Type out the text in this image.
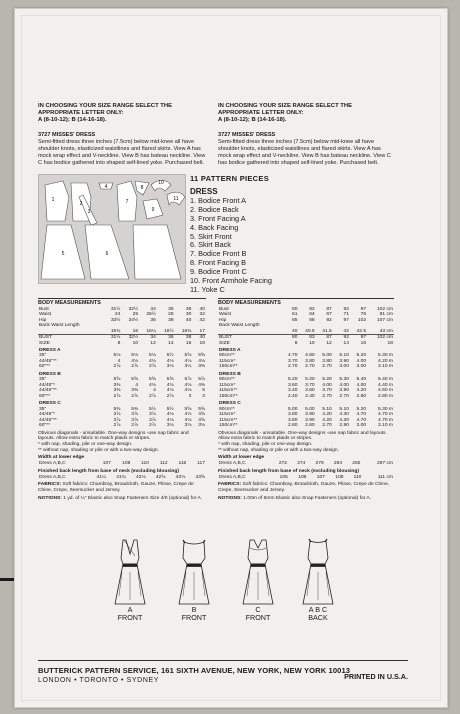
IN CHOOSING YOUR SIZE RANGE SELECT THE APPROPRIATE LETTER ONLY:
A (8-10-12); B (14-16-18).
3727 MISSES' DRESS
Semi-fitted dress three inches (7.5cm) below mid-knee all have shoulder knots, elasticized waistlines and flared skirts. View A has mock wrap effect and V-neckline. View B has bateau neckline. View C has bodice gathered into shaped self-lined yoke. Purchased belt.
IN CHOOSING YOUR SIZE RANGE SELECT THE APPROPRIATE LETTER ONLY:
A (8-10-12); B (14-16-18).
3727 MISSES' DRESS
Semi-fitted dress three inches (7.5cm) below mid-knee all have shoulder knots, elasticized waistlines and flared skirts. View A has mock wrap effect and V-neckline. View B has bateau neckline. View C has bodice gathered into shaped self-lined yoke. Purchased belt.
1
2
3
4
5	6
7
8
9
10
11
11 PATTERN PIECES
DRESS
1. Bodice Front A
2. Bodice Back
3. Front Facing A
4. Back Facing
5. Skirt Front
6. Skirt Back
7. Bodice Front B
8. Front Facing B
9. Bodice Front C
10. Front Armhole Facing
11. Yoke C
BODY MEASUREMENTS
Bust	31½	32½	34	36	38	40
Waist	24	25	26½	28	30	32
Hip	33½	34½	36	38	40	42
Back Waist Length						
	15¾	16	16¼	16½	16¾	17
BUST	31½	32½	34	36	38	40
SIZE	8	10	12	14	16	18
DRESS A						
35"	5⅛	5⅛	5⅛	5½	5⅝	5⅝
44/45"**	4	4⅛	4⅛	4⅛	4⅛	4⅛
60"**	2⅞	2⅞	2⅞	3⅛	3¼	3⅜
DRESS B						
35"	5⅝	5⅝	5⅝	5⅝	5⅞	5⅞
44/45"*	3⅜	4	4⅛	4⅛	4⅛	4⅜
44/45"**	3⅜	3⅜	4	4⅛	4⅛	5
60"**	2⅞	2⅞	2⅞	2⅞	3	3
DRESS C						
35"	5⅜	5⅜	5½	5½	5⅝	5⅝
44/45"*	3⅞	3⅞	3⅞	4⅛	4⅛	4⅝
44/45"**	3⅞	3⅞	3⅞	4⅛	4⅛	4⅝
60"**	2⅞	2⅞	2⅞	3⅛	3⅛	3⅛
Obvious diagonals - unsuitable. One-way designs -use nap fabric and layouts. Allow extra fabric to match plaids or stripes.
* with nap, shading, pile or one-way design.
** without nap, shading or pile or with a two-way design.
Width at lower edge
Dress A,B,C	107	108	110	112	115	117
Finished back length from base of neck (excluding blousing)
Dress A,B,C	41¼	41¾	42⅛	42⅝	43⅛	43⅝
FABRICS: Soft fabrics: Chambray, Broadcloth, Gauze, Plisse, Crepe de Chine, Crepe, Seersucker and Jersey.
NOTIONS: 1 yd. of ¼" Elastic also Snap Fasteners Size 4/0 (optional) for A.
BODY MEASUREMENTS
Bust	80	83	87	92	97	102 cm
Waist	61	64	67	71	76	81 cm
Hip	85	88	92	97	102	107 cm
Back Waist Length						
	40	40.5	41.5	42	42.5	43 cm
BUST	80	83	87	92	97	102 cm
SIZE	8	10	12	14	16	18
DRESS A						
90cm**	4.70	4.80	5.00	5.10	5.20	5.30 m
115cm*	3.70	3.80	3.80	3.90	4.00	4.20 m
150cm**	2.70	2.70	2.70	3.00	3.00	3.10 m
DRESS B						
90cm**	5.20	5.20	5.20	5.30	5.40	5.40 m
115cm*	3.60	3.70	4.00	4.00	4.00	4.40 m
115cm**	3.40	3.60	3.70	3.90	4.20	4.60 m
150cm**	2.40	2.40	2.70	2.70	2.80	2.80 m
DRESS C						
90cm**	5.00	5.00	5.10	5.10	5.20	5.30 m
115cm*	3.80	3.90	4.20	4.30	4.70	4.70 m
115cm**	3.80	3.90	4.20	4.30	4.70	4.70 m
150cm**	2.60	2.60	2.70	2.90	3.00	3.10 m
Obvious diagonals - unsuitable. One-way designs -use nap fabric and layouts. Allow extra fabric to match plaids or stripes.
* with nap, shading, pile or one-way design.
** without nap, shading or pile or with a two-way design.
Width at lower edge
Dress A,B,C	272	274	279	284	292	297 cm
Finished back length from base of neck (excluding blousing)
Dress A,B,C	105	106	107	108	110	111 cm
FABRICS: Soft fabrics: Chambray, Broadcloth, Gauze, Plisse, Crepe de Chine, Crepe, Seersucker and Jersey.
NOTIONS: 1.00m of 6mm Elastic also Snap Fasteners (optional) for A.
A
FRONT
B
FRONT
C
FRONT
A B C
BACK
BUTTERICK PATTERN SERVICE, 161 SIXTH AVENUE, NEW YORK, NEW YORK 10013
LONDON • TORONTO • SYDNEY	PRINTED IN U.S.A.
